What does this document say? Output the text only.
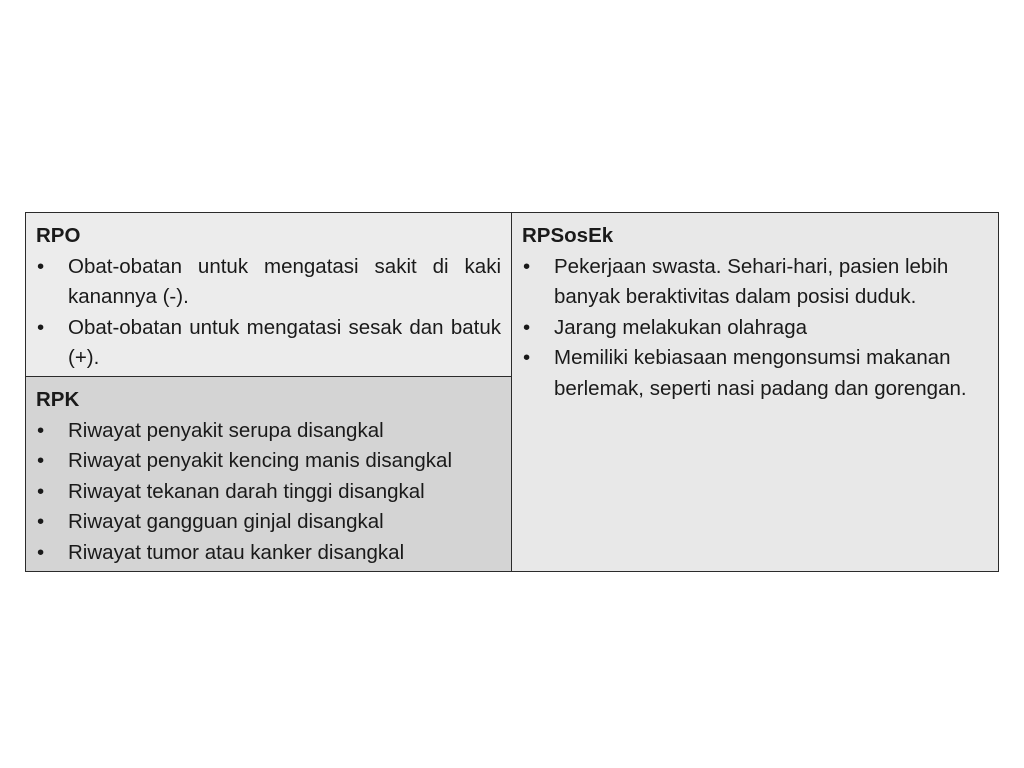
RPO

• Obat-obatan untuk mengatasi sakit di kaki kanannya (-).
• Obat-obatan untuk mengatasi sesak dan batuk (+).

RPK

• Riwayat penyakit serupa disangkal
• Riwayat penyakit kencing manis disangkal
• Riwayat tekanan darah tinggi disangkal
• Riwayat gangguan ginjal disangkal
• Riwayat tumor atau kanker disangkal

RPSosEk

• Pekerjaan swasta. Sehari-hari, pasien lebih banyak beraktivitas dalam posisi duduk.
• Jarang melakukan olahraga
• Memiliki kebiasaan mengonsumsi makanan berlemak, seperti nasi padang dan gorengan.
